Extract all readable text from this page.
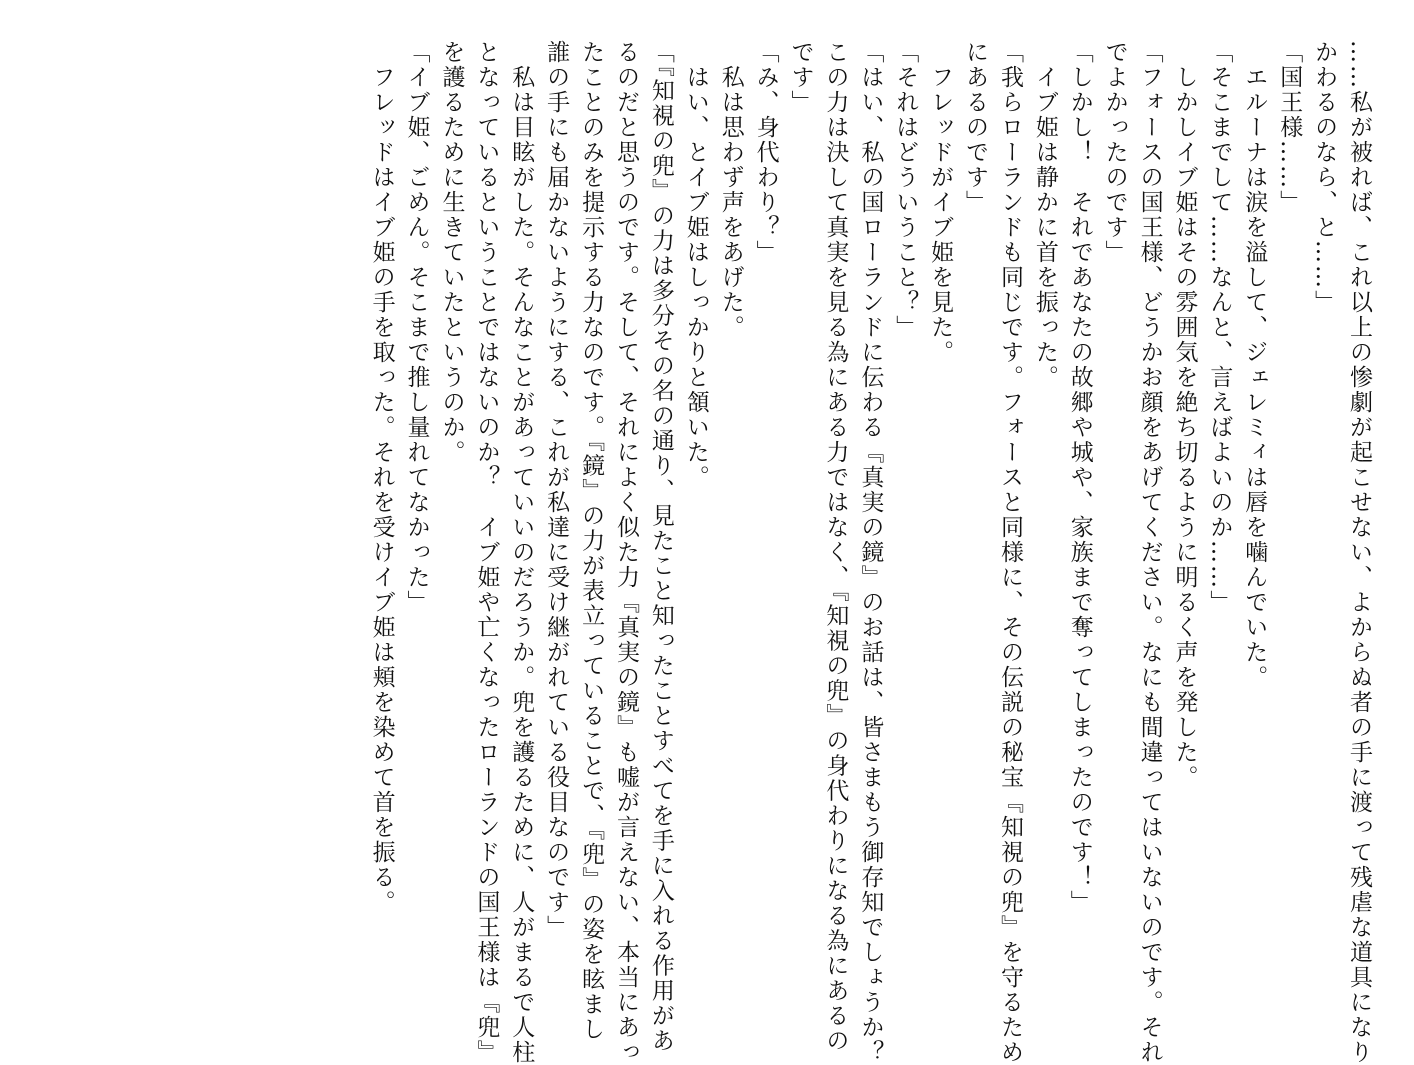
……私が被れば、これ以上の惨劇が起こせない、よからぬ者の手に渡って残虐な道具になり
かわるのなら、と……」
「国王様……」
　エルーナは涙を溢して、ジェレミィは唇を噛んでいた。
「そこまでして……なんと、言えばよいのか……」
　しかしイブ姫はその雰囲気を絶ち切るように明るく声を発した。
「フォースの国王様、どうかお顔をあげてください。なにも間違ってはいないのです。それ
でよかったのです」
「しかし！　それであなたの故郷や城や、家族まで奪ってしまったのです！」
　イブ姫は静かに首を振った。
「我らローランドも同じです。フォースと同様に、その伝説の秘宝『知視の兜』を守るため
にあるのです」
　フレッドがイブ姫を見た。
「それはどういうこと？」
「はい、私の国ローランドに伝わる『真実の鏡』のお話は、皆さまもう御存知でしょうか？
この力は決して真実を見る為にある力ではなく、『知視の兜』の身代わりになる為にあるの
です」
「み、身代わり？」
　私は思わず声をあげた。
　はい、とイブ姫はしっかりと頷いた。
「『知視の兜』の力は多分その名の通り、見たこと知ったことすべてを手に入れる作用があ
るのだと思うのです。そして、それによく似た力『真実の鏡』も嘘が言えない、本当にあっ
たことのみを提示する力なのです。『鏡』の力が表立っていることで、『兜』の姿を眩まし
誰の手にも届かないようにする、これが私達に受け継がれている役目なのです」
　私は目眩がした。そんなことがあっていいのだろうか。兜を護るために、人がまるで人柱
となっているということではないのか？　イブ姫や亡くなったローランドの国王様は『兜』
を護るために生きていたというのか。
「イブ姫、ごめん。そこまで推し量れてなかった」
　フレッドはイブ姫の手を取った。それを受けイブ姫は頬を染めて首を振る。
